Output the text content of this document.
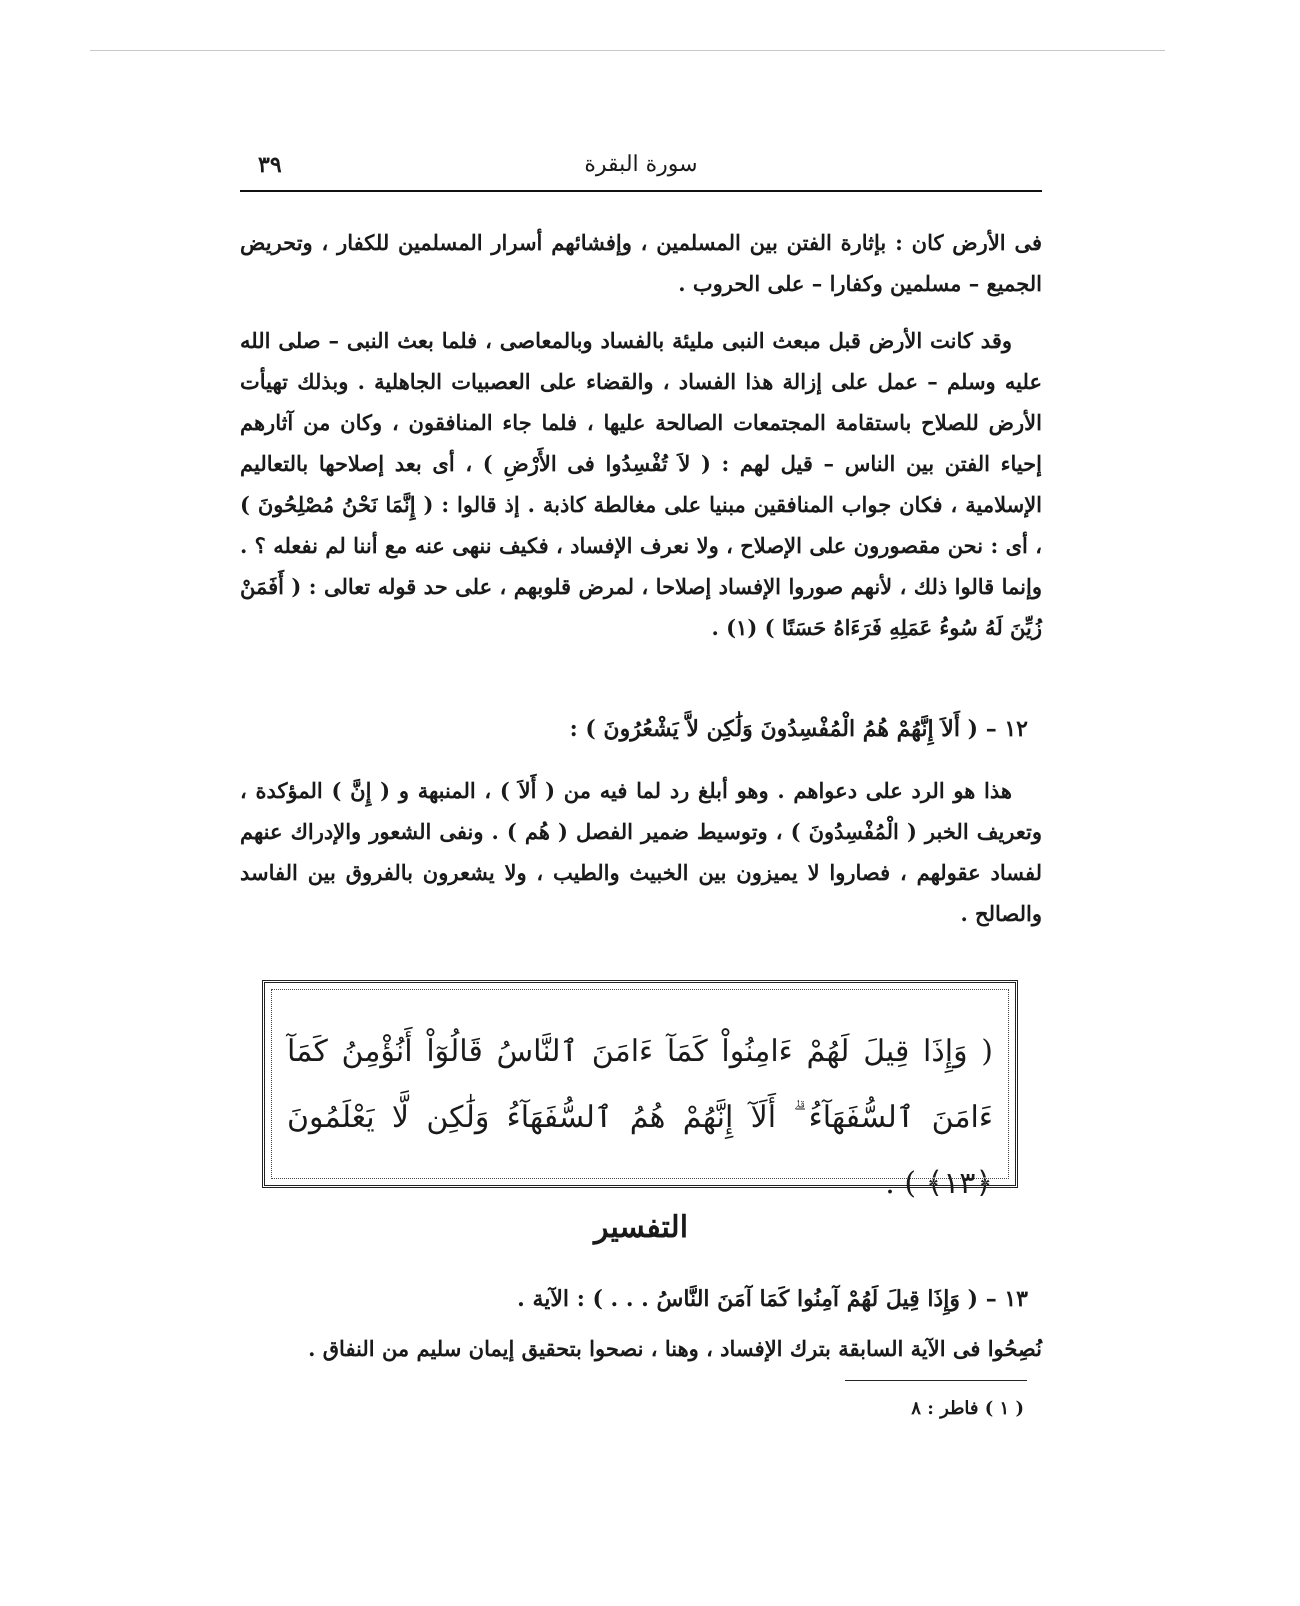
سورة البقرة
٣٩
فى الأرض كان : بإثارة الفتن بين المسلمين ، وإفشائهم أسرار المسلمين للكفار ، وتحريض الجميع – مسلمين وكفارا – على الحروب .
وقد كانت الأرض قبل مبعث النبى مليئة بالفساد وبالمعاصى ، فلما بعث النبى – صلى الله عليه وسلم – عمل على إزالة هذا الفساد ، والقضاء على العصبيات الجاهلية . وبذلك تهيأت الأرض للصلاح باستقامة المجتمعات الصالحة عليها ، فلما جاء المنافقون ، وكان من آثارهم إحياء الفتن بين الناس – قيل لهم : ( لاَ تُفْسِدُوا فى الأَرْضِ ) ، أى بعد إصلاحها بالتعاليم الإسلامية ، فكان جواب المنافقين مبنيا على مغالطة كاذبة . إذ قالوا : ( إِنَّمَا نَحْنُ مُصْلِحُونَ ) ، أى : نحن مقصورون على الإصلاح ، ولا نعرف الإفساد ، فكيف ننهى عنه مع أننا لم نفعله ؟ . وإنما قالوا ذلك ، لأنهم صوروا الإفساد إصلاحا ، لمرض قلوبهم ، على حد قوله تعالى : ( أَفَمَنْ زُيِّنَ لَهُ سُوءُ عَمَلِهِ فَرَءَاهُ حَسَنًا ) (١) .
١٢ – ( أَلاَ إِنَّهُمْ هُمُ الْمُفْسِدُونَ وَلَٰكِن لاَّ يَشْعُرُونَ ) :
هذا هو الرد على دعواهم . وهو أبلغ رد لما فيه من ( أَلاَ ) ، المنبهة و ( إِنَّ ) المؤكدة ، وتعريف الخبر ( الْمُفْسِدُونَ ) ، وتوسيط ضمير الفصل ( هُم ) . ونفى الشعور والإدراك عنهم لفساد عقولهم ، فصاروا لا يميزون بين الخبيث والطيب ، ولا يشعرون بالفروق بين الفاسد والصالح .
( وَإِذَا قِيلَ لَهُمْ ءَامِنُواْ كَمَآ ءَامَنَ ٱلنَّاسُ قَالُوٓاْ أَنُؤْمِنُ كَمَآ ءَامَنَ ٱلسُّفَهَآءُ ۗ أَلَآ إِنَّهُمْ هُمُ ٱلسُّفَهَآءُ وَلَٰكِن لَّا يَعْلَمُونَ ﴿١٣﴾ ) .
التفسير
١٣ – ( وَإِذَا قِيلَ لَهُمْ آمِنُوا كَمَا آمَنَ النَّاسُ . . . ) : الآية .
نُصِحُوا فى الآية السابقة بترك الإفساد ، وهنا ، نصحوا بتحقيق إيمان سليم من النفاق .
( ١ ) فاطر : ٨
